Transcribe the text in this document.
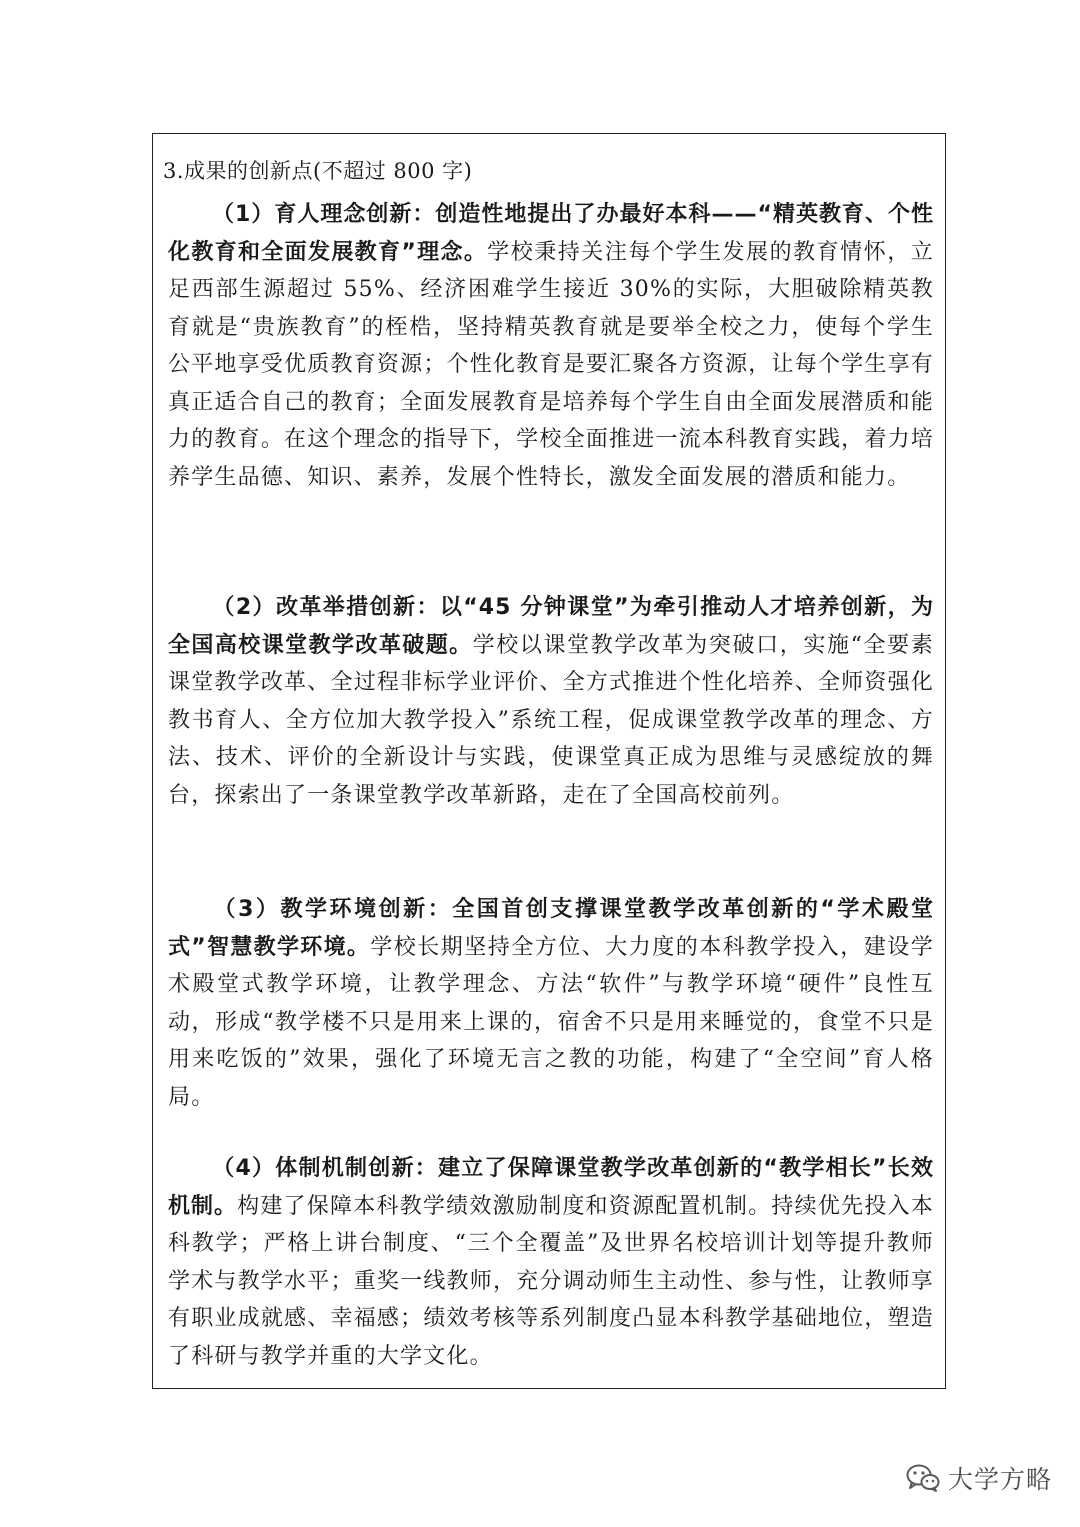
3.成果的创新点(不超过 800 字)

（1）育人理念创新：创造性地提出了办最好本科——“精英教育、个性化教育和全面发展教育”理念。学校秉持关注每个学生发展的教育情怀，立足西部生源超过 55%、经济困难学生接近 30%的实际，大胆破除精英教育就是“贵族教育”的桎梏，坚持精英教育就是要举全校之力，使每个学生公平地享受优质教育资源；个性化教育是要汇聚各方资源，让每个学生享有真正适合自己的教育；全面发展教育是培养每个学生自由全面发展潜质和能力的教育。在这个理念的指导下，学校全面推进一流本科教育实践，着力培养学生品德、知识、素养，发展个性特长，激发全面发展的潜质和能力。

（2）改革举措创新：以“45 分钟课堂”为牵引推动人才培养创新，为全国高校课堂教学改革破题。学校以课堂教学改革为突破口，实施“全要素课堂教学改革、全过程非标学业评价、全方式推进个性化培养、全师资强化教书育人、全方位加大教学投入”系统工程，促成课堂教学改革的理念、方法、技术、评价的全新设计与实践，使课堂真正成为思维与灵感绽放的舞台，探索出了一条课堂教学改革新路，走在了全国高校前列。

（3）教学环境创新：全国首创支撑课堂教学改革创新的“学术殿堂式”智慧教学环境。学校长期坚持全方位、大力度的本科教学投入，建设学术殿堂式教学环境，让教学理念、方法“软件”与教学环境“硬件”良性互动，形成“教学楼不只是用来上课的，宿舍不只是用来睡觉的，食堂不只是用来吃饭的”效果，强化了环境无言之教的功能，构建了“全空间”育人格局。

（4）体制机制创新：建立了保障课堂教学改革创新的“教学相长”长效机制。构建了保障本科教学绩效激励制度和资源配置机制。持续优先投入本科教学；严格上讲台制度、“三个全覆盖”及世界名校培训计划等提升教师学术与教学水平；重奖一线教师，充分调动师生主动性、参与性，让教师享有职业成就感、幸福感；绩效考核等系列制度凸显本科教学基础地位，塑造了科研与教学并重的大学文化。

大学方略
